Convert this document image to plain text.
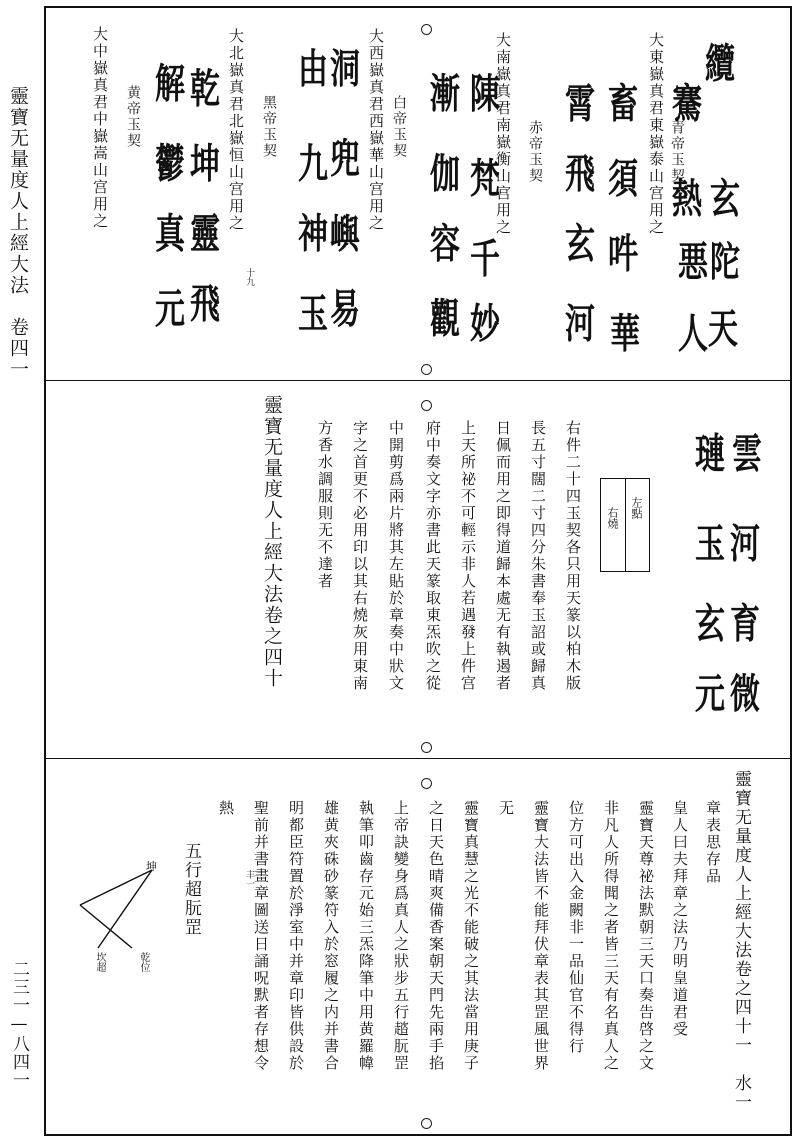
靈寶无量度人上經大法　卷四一
二三一—八四一
青帝玉契
大東嶽真君東嶽泰山宫用之
赤帝玉契
大南嶽真君南嶽衡山宫用之
白帝玉契
大西嶽真君西嶽華山宫用之
黑帝玉契
大北嶽真君北嶽恒山宫用之
黄帝玉契
大中嶽真君中嶽嵩山宫用之	纜
玄
陀
天
騫
熱
悪
人
畜
須
吽
華
霄
飛
玄
河
陳
梵
千
妙
漸
伽
容
觀
洞
兜
嶼
易
由
九
神
玉
乾
坤
靈
飛
解
鬱
真
元
十九
雲
河
育
微
璉
玉
玄
元
右件二十四玉契各只用天篆以柏木版
長五寸闊二寸四分朱書奉玉詔或歸真
日佩而用之即得道歸本處无有執遏者
上天所祕不可輕示非人若遇發上件宫
府中奏文字亦書此天篆取東炁吹之從
中開剪爲兩片將其左貼於章奏中狀文
字之首更不必用印以其右燒灰用東南
方香水調服則无不達者
靈寶无量度人上經大法卷之四十	左點
右燒
靈寶无量度人上經大法卷之四十一　水一
章表思存品
皇人曰夫拜章之法乃明皇道君受
靈寶天尊祕法默朝三天口奏告啓之文
非凡人所得聞之者皆三天有名真人之
位方可出入金闕非一品仙官不得行
靈寶大法皆不能拜伏章表其罡風世界
无
靈寶真慧之光不能破之其法當用庚子
之日天色晴爽備香案朝天門先兩手掐
上帝訣變身爲真人之狀步五行趦朊罡
執筆叩齒存元始三炁降筆中用黄羅幃
雄黄夾硃砂篆符入於窓履之内并書合
明都臣符置於淨室中并章印皆供設於
聖前并書畫章圖送日誦呪默者存想令
熱
五行超朊罡
坤
坎超	乾位
丰一
